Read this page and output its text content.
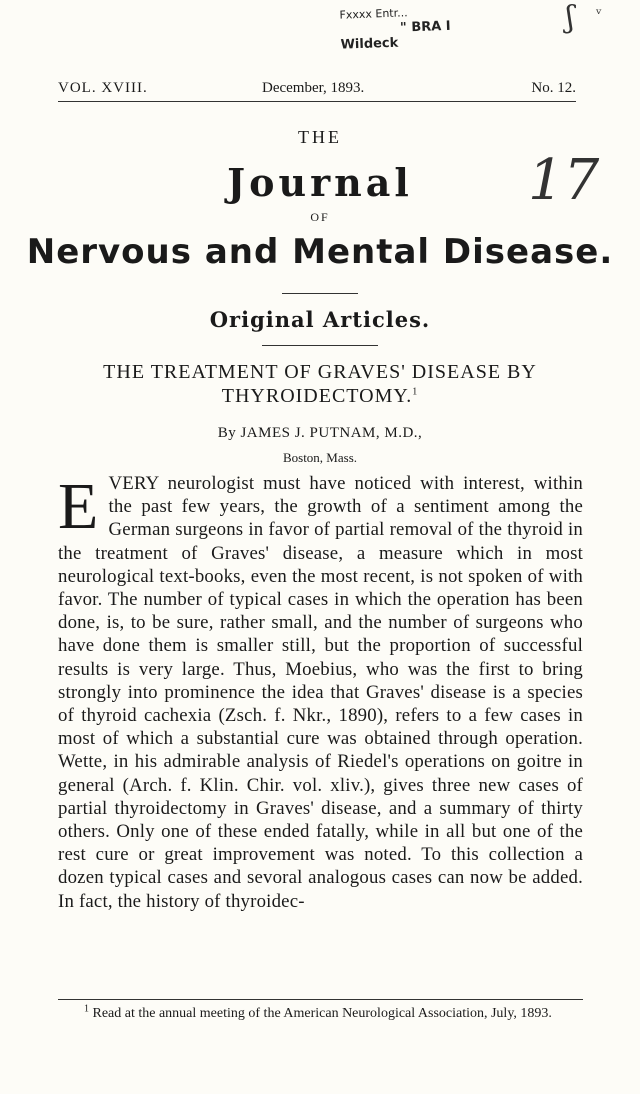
Fxxxx Entr...
" BRA I
Wildeck
ʃ ᵥ
17
VOL. XVIII.	December, 1893.	No. 12.
THE
Journal
OF
Nervous and Mental Disease.
Original Articles.
THE TREATMENT OF GRAVES' DISEASE BY THYROIDECTOMY.$^1$
By JAMES J. PUTNAM, M.D.,
Boston, Mass.
E VERY neurologist must have noticed with interest, within the past few years, the growth of a sentiment among the German surgeons in favor of partial removal of the thyroid in the treatment of Graves' disease, a measure which in most neurological text-books, even the most recent, is not spoken of with favor. The number of typical cases in which the operation has been done, is, to be sure, rather small, and the number of surgeons who have done them is smaller still, but the proportion of successful results is very large. Thus, Moebius, who was the first to bring strongly into prominence the idea that Graves' disease is a species of thyroid cachexia (Zsch. f. Nkr., 1890), refers to a few cases in most of which a substantial cure was obtained through operation. Wette, in his admirable analysis of Riedel's operations on goitre in general (Arch. f. Klin. Chir. vol. xliv.), gives three new cases of partial thyroidectomy in Graves' disease, and a summary of thirty others. Only one of these ended fatally, while in all but one of the rest cure or great improvement was noted. To this collection a dozen typical cases and sevoral analogous cases can now be added. In fact, the history of thyroidec-

$^1$ Read at the annual meeting of the American Neurological Association, July, 1893.
